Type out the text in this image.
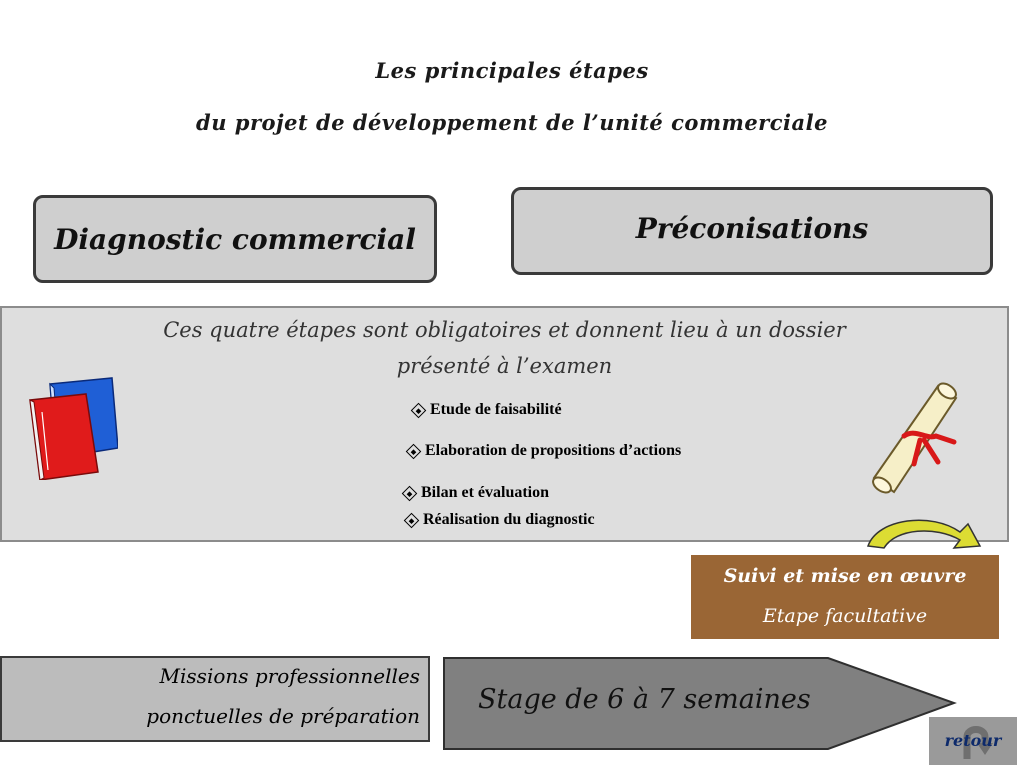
Les principales étapes
du projet de développement de l’unité commerciale
Diagnostic commercial	Préconisations
Ces quatre étapes sont obligatoires et donnent lieu à un dossier
présenté à l’examen
Etude de faisabilité
Elaboration de propositions d’actions
Bilan et évaluation
Réalisation du diagnostic
Suivi et mise en œuvre
Etape facultative
Missions professionnelles
ponctuelles de préparation
Stage de 6 à 7 semaines
retour
